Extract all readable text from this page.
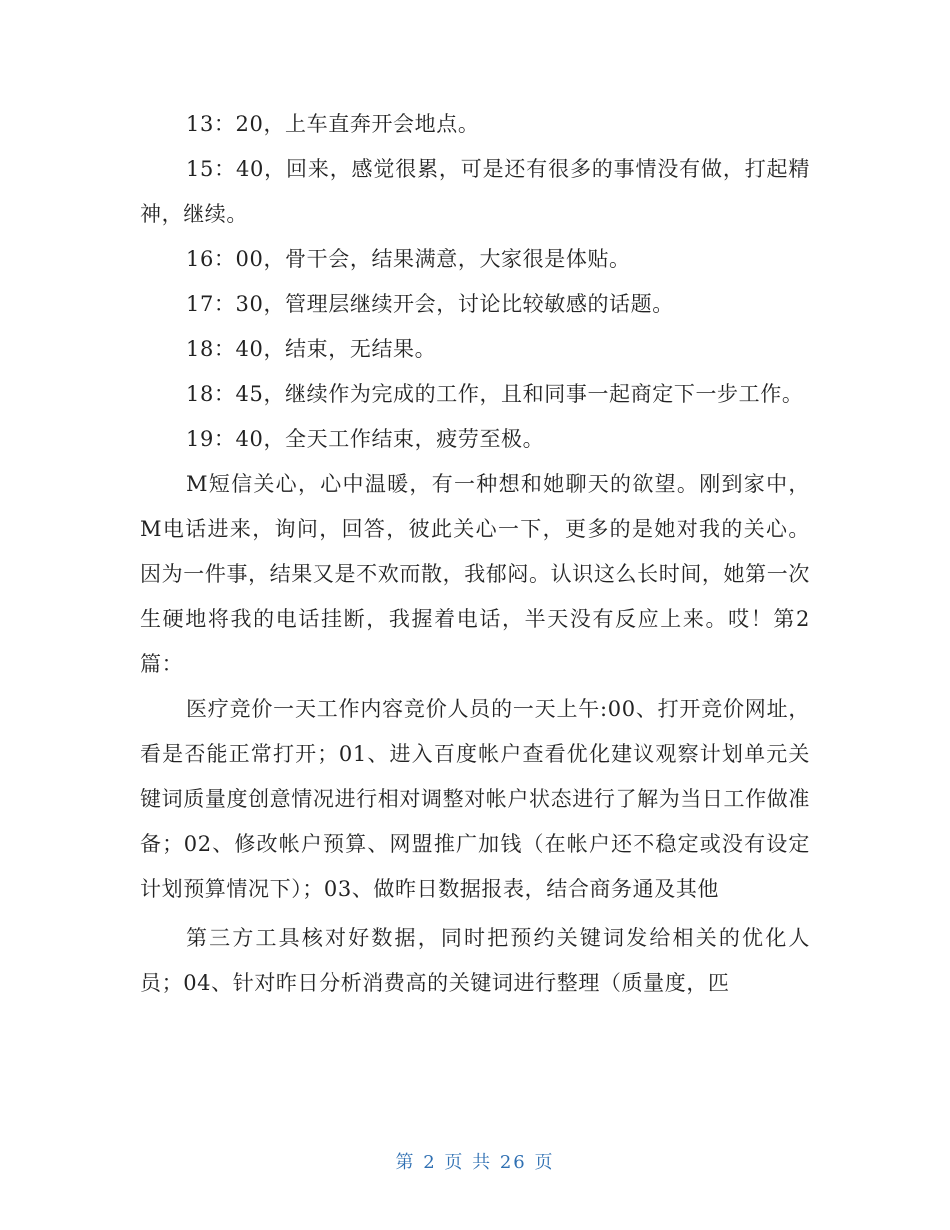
13：20，上车直奔开会地点。

15：40，回来，感觉很累，可是还有很多的事情没有做，打起精神，继续。

16：00，骨干会，结果满意，大家很是体贴。

17：30，管理层继续开会，讨论比较敏感的话题。

18：40，结束，无结果。

18：45，继续作为完成的工作，且和同事一起商定下一步工作。

19：40，全天工作结束，疲劳至极。

M短信关心，心中温暖，有一种想和她聊天的欲望。刚到家中，M电话进来，询问，回答，彼此关心一下，更多的是她对我的关心。因为一件事，结果又是不欢而散，我郁闷。认识这么长时间，她第一次生硬地将我的电话挂断，我握着电话，半天没有反应上来。哎！第2篇：

医疗竞价一天工作内容竞价人员的一天上午:00、打开竞价网址，看是否能正常打开；01、进入百度帐户查看优化建议观察计划单元关键词质量度创意情况进行相对调整对帐户状态进行了解为当日工作做准备；02、修改帐户预算、网盟推广加钱（在帐户还不稳定或没有设定计划预算情况下）；03、做昨日数据报表，结合商务通及其他

第三方工具核对好数据，同时把预约关键词发给相关的优化人员；04、针对昨日分析消费高的关键词进行整理（质量度，匹

第 2 页 共 26 页
